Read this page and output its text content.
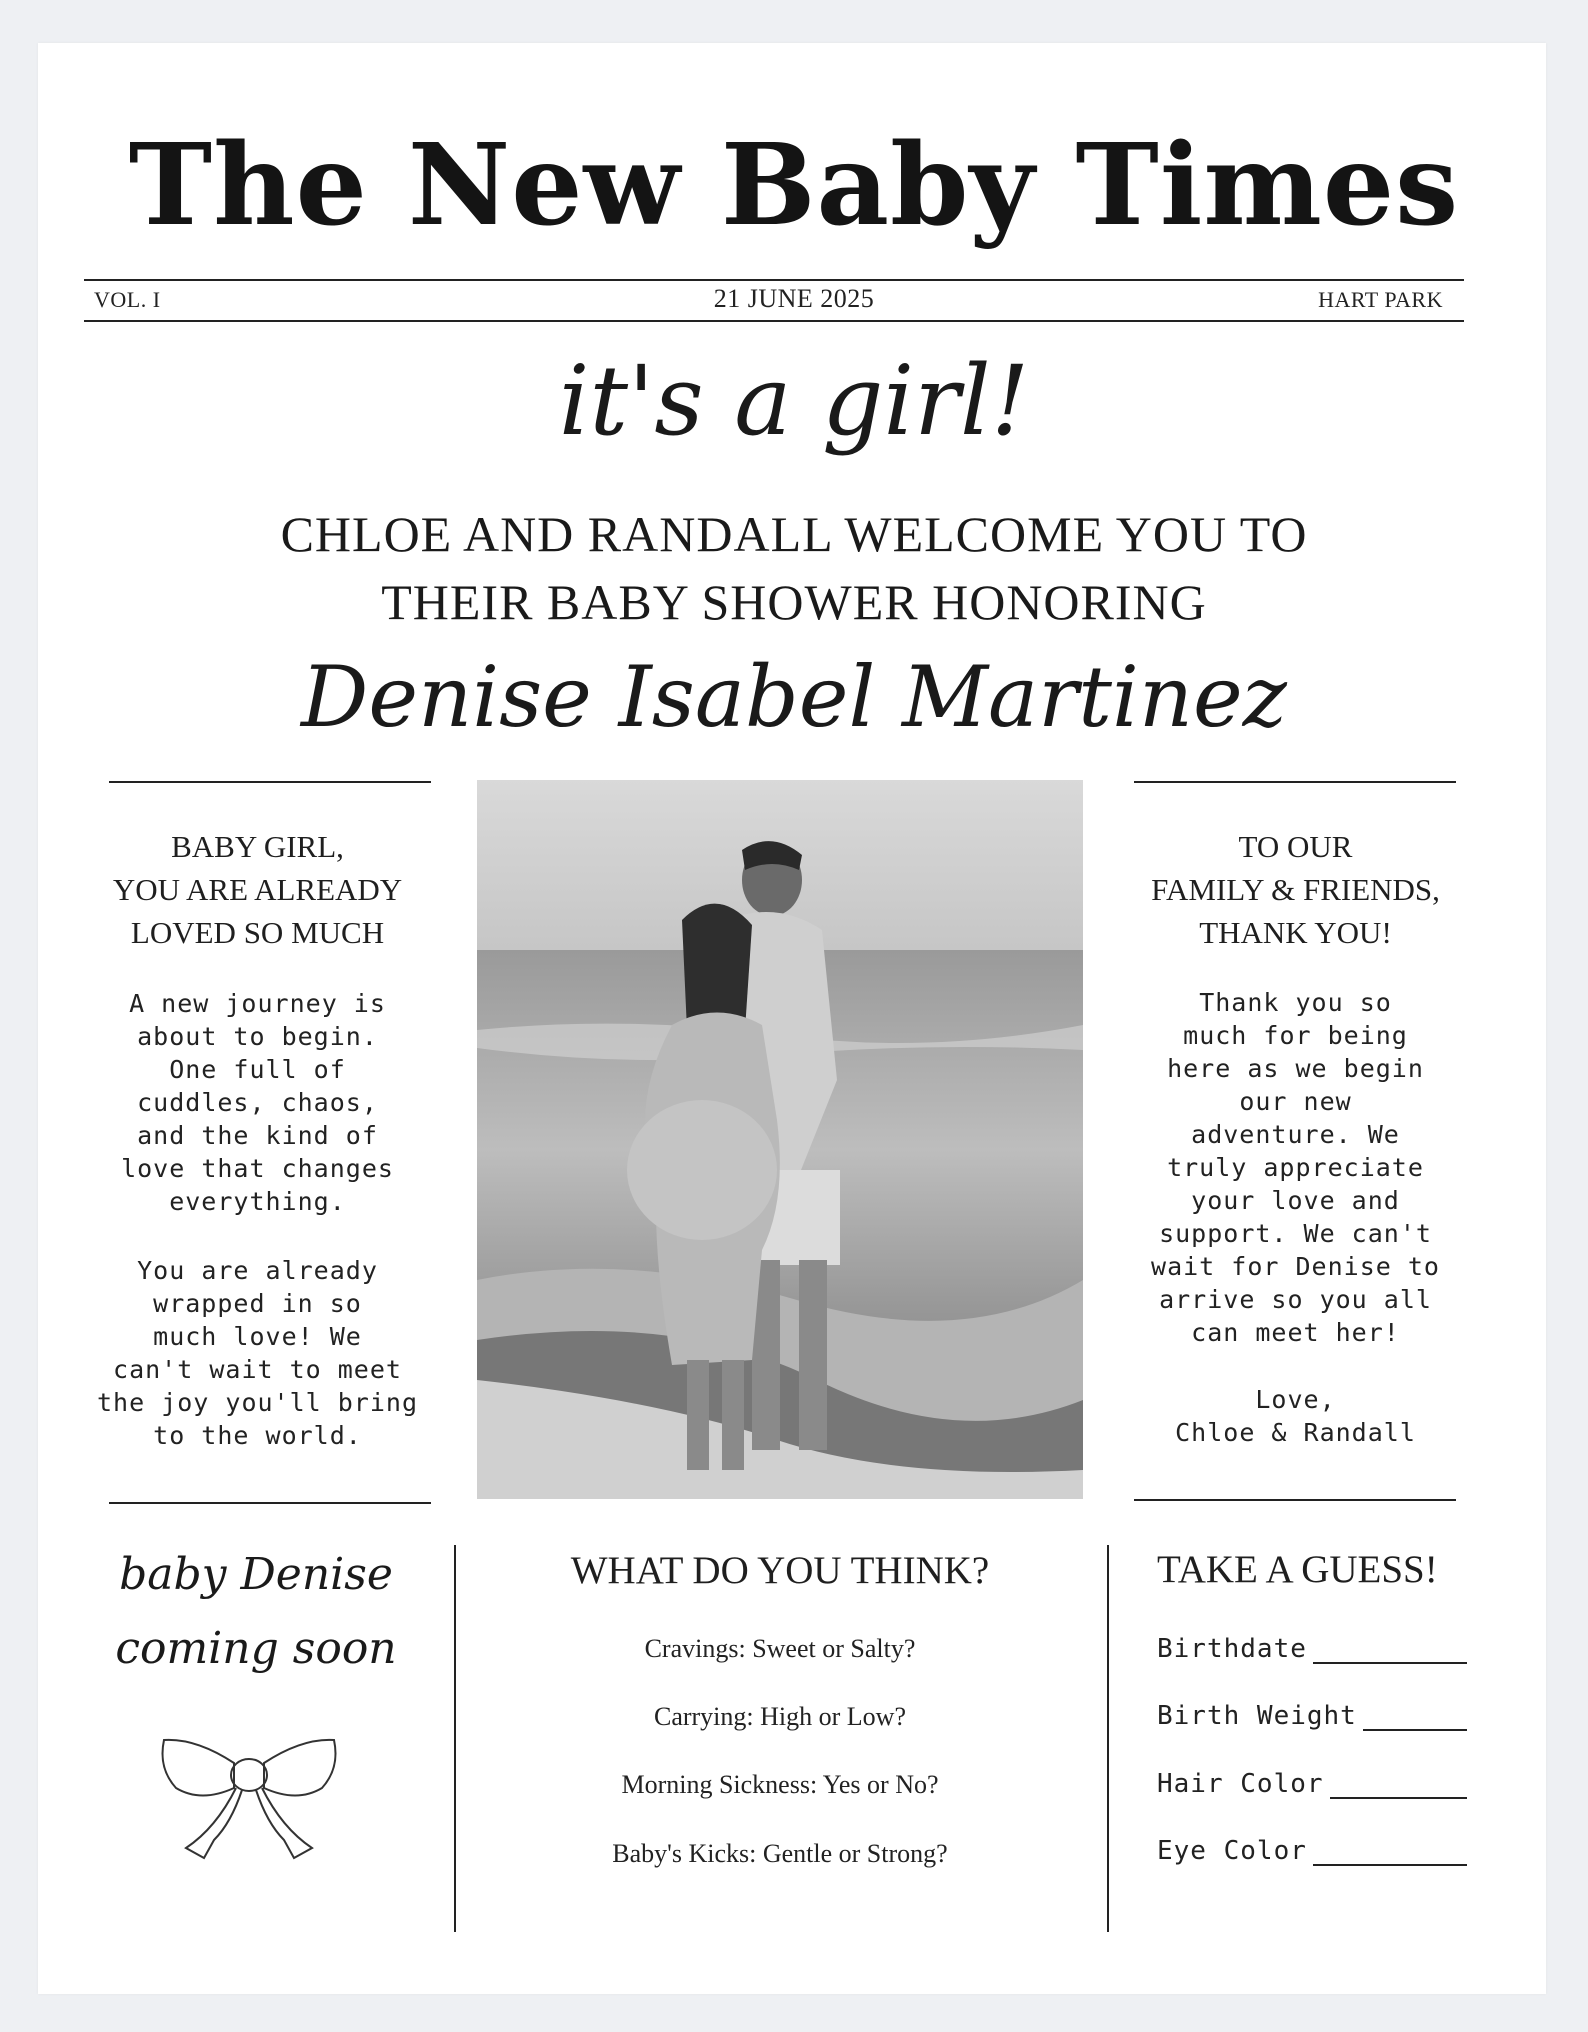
The New Baby Times
VOL. I	21 JUNE 2025	HART PARK
it's a girl!
CHLOE AND RANDALL WELCOME YOU TO
THEIR BABY SHOWER HONORING
Denise Isabel Martinez
BABY GIRL,
YOU ARE ALREADY
LOVED SO MUCH
A new journey is
about to begin.
One full of
cuddles, chaos,
and the kind of
love that changes
everything.
You are already
wrapped in so
much love! We
can't wait to meet
the joy you'll bring
to the world.
TO OUR
FAMILY & FRIENDS,
THANK YOU!
Thank you so
much for being
here as we begin
our new
adventure. We
truly appreciate
your love and
support. We can't
wait for Denise to
arrive so you all
can meet her!
Love,
Chloe & Randall
baby Denise
coming soon
WHAT DO YOU THINK?
Cravings: Sweet or Salty?
Carrying: High or Low?
Morning Sickness: Yes or No?
Baby's Kicks: Gentle or Strong?
TAKE A GUESS!
Birthdate
Birth Weight
Hair Color
Eye Color
